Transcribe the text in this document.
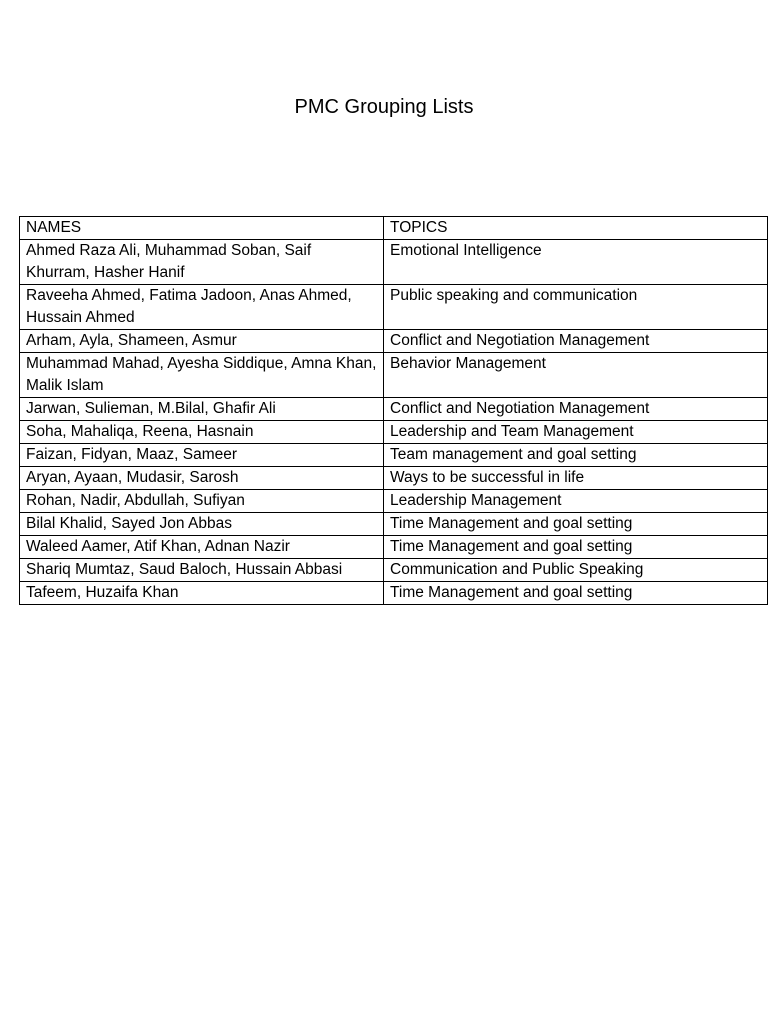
PMC Grouping Lists
NAMES	TOPICS
Ahmed Raza Ali, Muhammad Soban, Saif Khurram, Hasher Hanif	Emotional Intelligence
Raveeha Ahmed, Fatima Jadoon, Anas Ahmed, Hussain Ahmed	Public speaking and communication
Arham, Ayla, Shameen, Asmur	Conflict and Negotiation Management
Muhammad Mahad, Ayesha Siddique, Amna Khan, Malik Islam	Behavior Management
Jarwan, Sulieman, M.Bilal, Ghafir Ali	Conflict and Negotiation Management
Soha, Mahaliqa, Reena, Hasnain	Leadership and Team Management
Faizan, Fidyan, Maaz, Sameer	Team management and goal setting
Aryan, Ayaan, Mudasir, Sarosh	Ways to be successful in life
Rohan, Nadir, Abdullah, Sufiyan	Leadership Management
Bilal Khalid, Sayed Jon Abbas	Time Management and goal setting
Waleed Aamer, Atif Khan, Adnan Nazir	Time Management and goal setting
Shariq Mumtaz, Saud Baloch, Hussain Abbasi	Communication and Public Speaking
Tafeem, Huzaifa Khan	Time Management and goal setting
